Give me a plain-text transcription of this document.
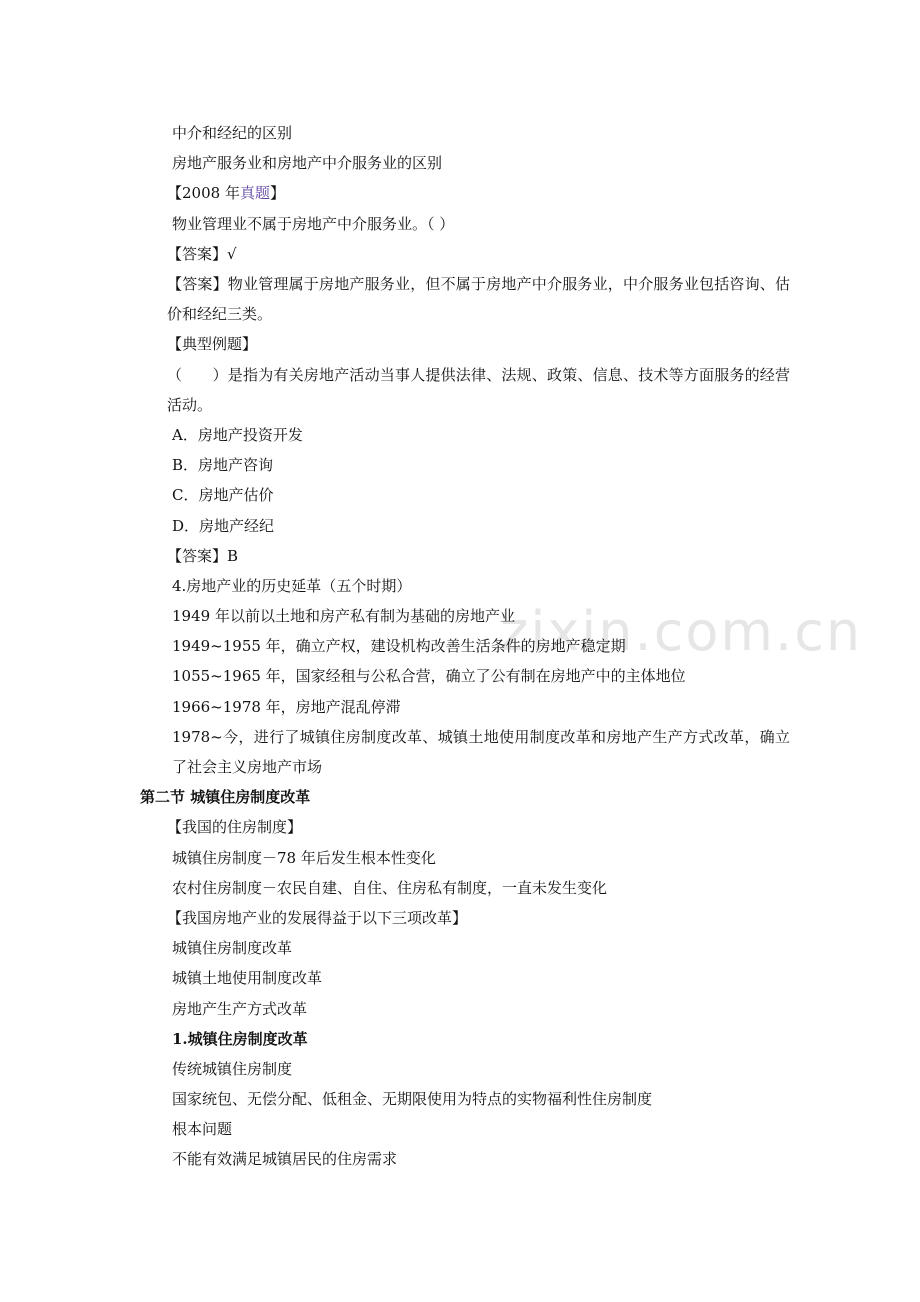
zixin.com.cn
中介和经纪的区别
房地产服务业和房地产中介服务业的区别
【2008 年真题】
物业管理业不属于房地产中介服务业。（ ）
【答案】√
【答案】物业管理属于房地产服务业，但不属于房地产中介服务业，中介服务业包括咨询、估价和经纪三类。
【典型例题】
（　　）是指为有关房地产活动当事人提供法律、法规、政策、信息、技术等方面服务的经营活动。
A．房地产投资开发
B．房地产咨询
C．房地产估价
D．房地产经纪
【答案】B
4.房地产业的历史延革（五个时期）
1949 年以前以土地和房产私有制为基础的房地产业
1949~1955 年，确立产权，建设机构改善生活条件的房地产稳定期
1055~1965 年，国家经租与公私合营，确立了公有制在房地产中的主体地位
1966~1978 年，房地产混乱停滞
1978~今，进行了城镇住房制度改革、城镇土地使用制度改革和房地产生产方式改革，确立了社会主义房地产市场
第二节 城镇住房制度改革
【我国的住房制度】
城镇住房制度－78 年后发生根本性变化
农村住房制度－农民自建、自住、住房私有制度，一直未发生变化
【我国房地产业的发展得益于以下三项改革】
城镇住房制度改革
城镇土地使用制度改革
房地产生产方式改革
1.城镇住房制度改革
传统城镇住房制度
国家统包、无偿分配、低租金、无期限使用为特点的实物福利性住房制度
根本问题
不能有效满足城镇居民的住房需求
